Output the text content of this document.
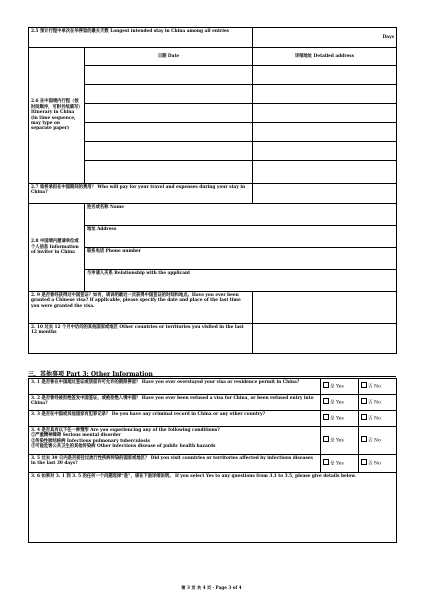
2.5 预计行程中单次在华停留的最长天数 Longest intended stay in China among all entries		Days
2.6 在中国境内行程（按时间顺序，可附另纸填写）Itinerary in China (in time sequence, may type on separate paper)	日期 Date	详细地址 Detailed address

2.7 谁将承担在中国期间的费用？ Who will pay for your travel and expenses during your stay in China?		
2.8 中国境内邀请单位或个人信息 Information of inviter in China	姓名或名称 Name	
	地址 Address	
	联系电话 Phone number	
	与申请人关系 Relationship with the applicant	
2. 9 是否曾经获得过中国签证？如有，请说明最近一次获得中国签证的时间和地点。Have you ever been granted a Chinese visa? If applicable, please specify the date and place of the last time you were granted the visa.		
2. 10 过去 12 个月中访问的其他国家或地区 Other countries or territories you visited in the last 12 months		
三、其他事项 Part 3: Other Information
3. 1 是否曾在中国超过签证或居留许可允许的期限停留？ Have you ever overstayed your visa or residence permit in China?	是 Yes	否 No
3. 2 是否曾经被拒绝签发中国签证，或被拒绝入境中国？ Have you ever been refused a visa for China, or been refused entry into China?	是 Yes	否 No
3. 3 是否在中国或其他国家有犯罪记录？ Do you have any criminal record in China or any other country?	是 Yes	否 No

3. 4 是否具有以下任一种情形 Are you experiencing any of the following conditions?
①严重精神障碍 Serious mental disorder
②传染性肺结核病 Infectious pulmonary tuberculosis
③可能危害公共卫生的其他传染病 Other infectious disease of public health hazards	是 Yes	否 No
3. 5 过去 30 日内是否前往过流行性疾病传染的国家或地区？ Did you visit countries or territories affected by infectious diseases in the last 30 days?	是 Yes	否 No

3. 6 如果对 3. 1 到 3. 5 的任何一个问题选择“是”，请在下面详细说明。 If you select Yes to any questions from 3.1 to 3.5, please give details below.		
第 3 页 共 4 页 · Page 3 of 4
